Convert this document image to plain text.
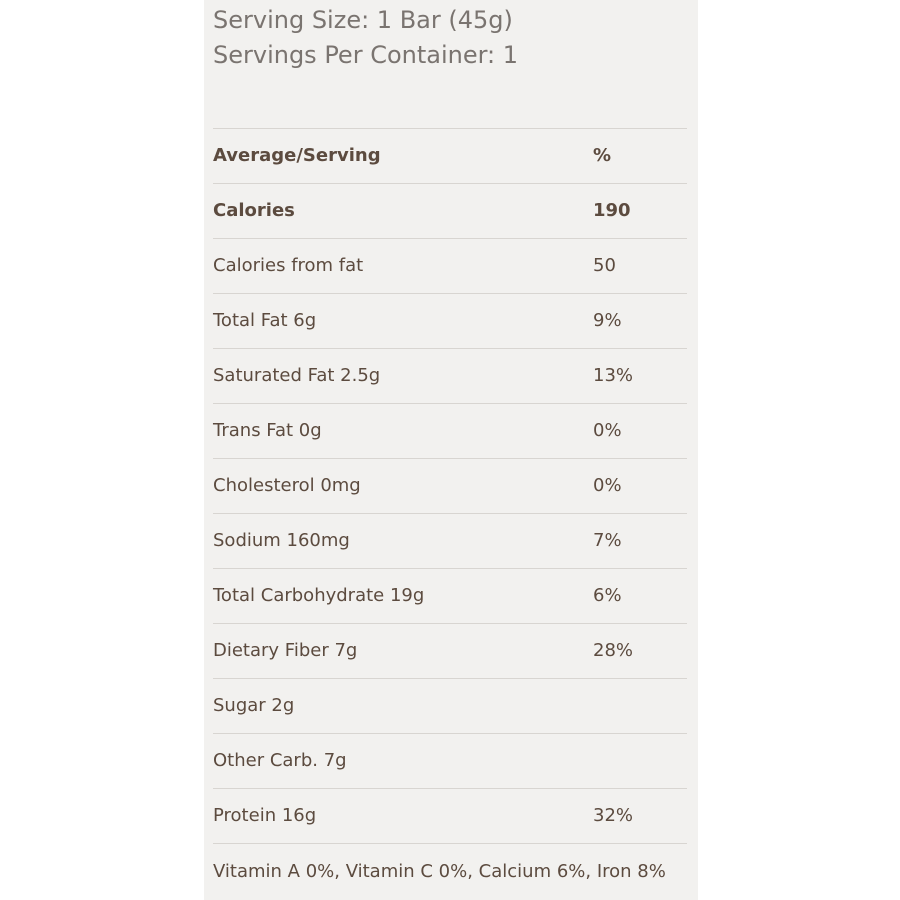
Serving Size: 1 Bar (45g)
Servings Per Container: 1
Average/Serving	%
Calories	190
Calories from fat	50
Total Fat 6g	9%
Saturated Fat 2.5g	13%
Trans Fat 0g	0%
Cholesterol 0mg	0%
Sodium 160mg	7%
Total Carbohydrate 19g	6%
Dietary Fiber 7g	28%
Sugar 2g
Other Carb. 7g
Protein 16g	32%
Vitamin A 0%, Vitamin C 0%, Calcium 6%, Iron 8%
